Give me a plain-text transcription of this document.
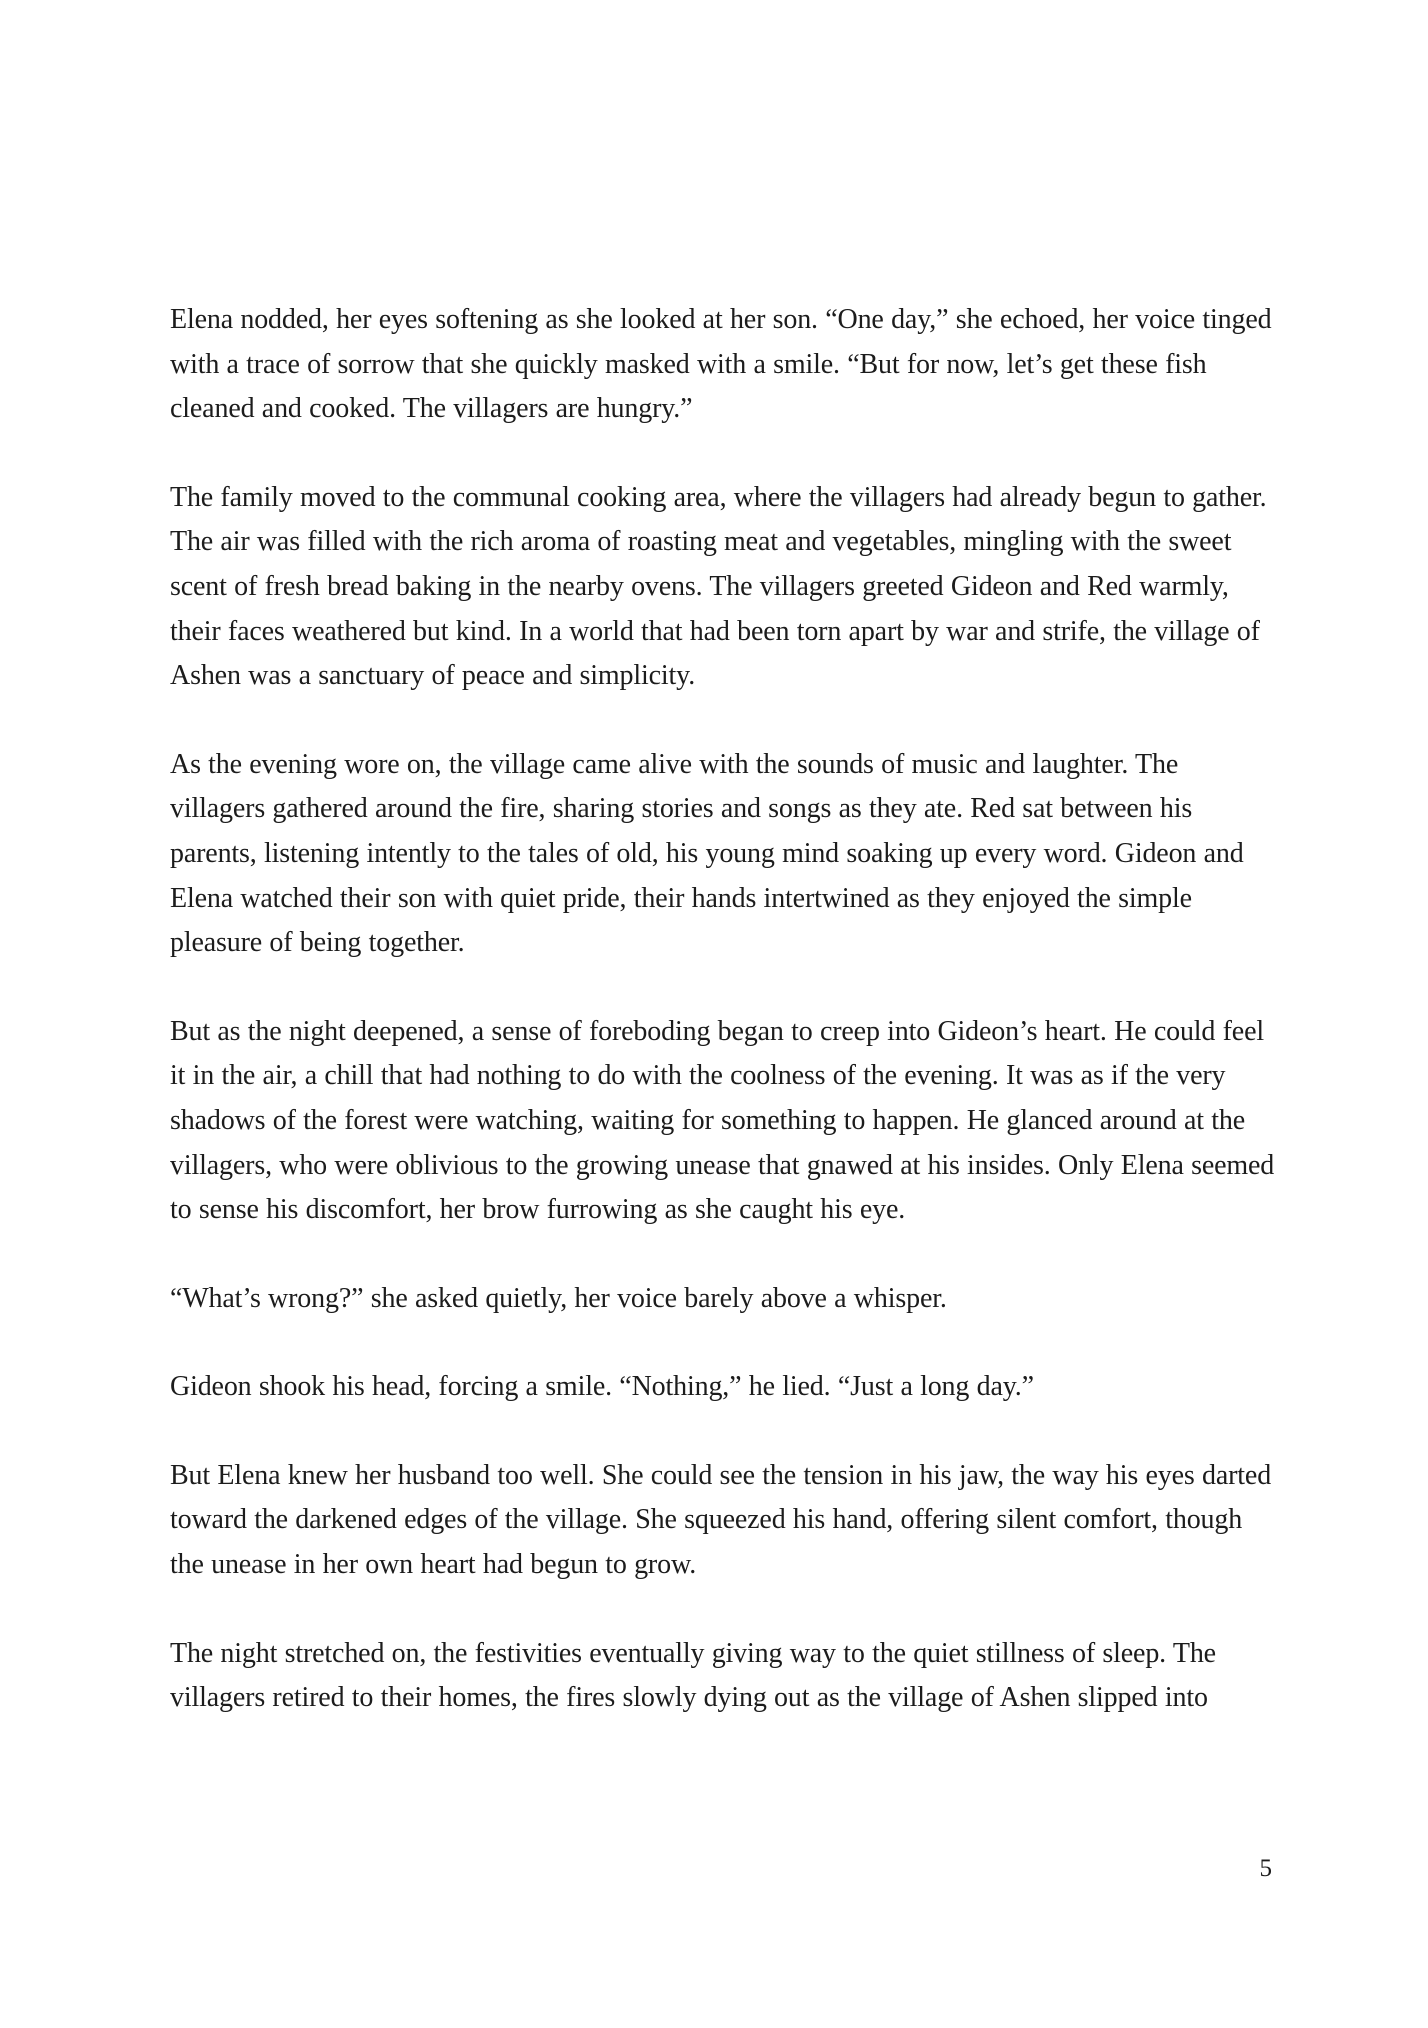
Elena nodded, her eyes softening as she looked at her son. “One day,” she echoed, her voice tinged with a trace of sorrow that she quickly masked with a smile. “But for now, let’s get these fish cleaned and cooked. The villagers are hungry.”

The family moved to the communal cooking area, where the villagers had already begun to gather. The air was filled with the rich aroma of roasting meat and vegetables, mingling with the sweet scent of fresh bread baking in the nearby ovens. The villagers greeted Gideon and Red warmly, their faces weathered but kind. In a world that had been torn apart by war and strife, the village of Ashen was a sanctuary of peace and simplicity.

As the evening wore on, the village came alive with the sounds of music and laughter. The villagers gathered around the fire, sharing stories and songs as they ate. Red sat between his parents, listening intently to the tales of old, his young mind soaking up every word. Gideon and Elena watched their son with quiet pride, their hands intertwined as they enjoyed the simple pleasure of being together.

But as the night deepened, a sense of foreboding began to creep into Gideon’s heart. He could feel it in the air, a chill that had nothing to do with the coolness of the evening. It was as if the very shadows of the forest were watching, waiting for something to happen. He glanced around at the villagers, who were oblivious to the growing unease that gnawed at his insides. Only Elena seemed to sense his discomfort, her brow furrowing as she caught his eye.

“What’s wrong?” she asked quietly, her voice barely above a whisper.

Gideon shook his head, forcing a smile. “Nothing,” he lied. “Just a long day.”

But Elena knew her husband too well. She could see the tension in his jaw, the way his eyes darted toward the darkened edges of the village. She squeezed his hand, offering silent comfort, though the unease in her own heart had begun to grow.

The night stretched on, the festivities eventually giving way to the quiet stillness of sleep. The villagers retired to their homes, the fires slowly dying out as the village of Ashen slipped into

5
